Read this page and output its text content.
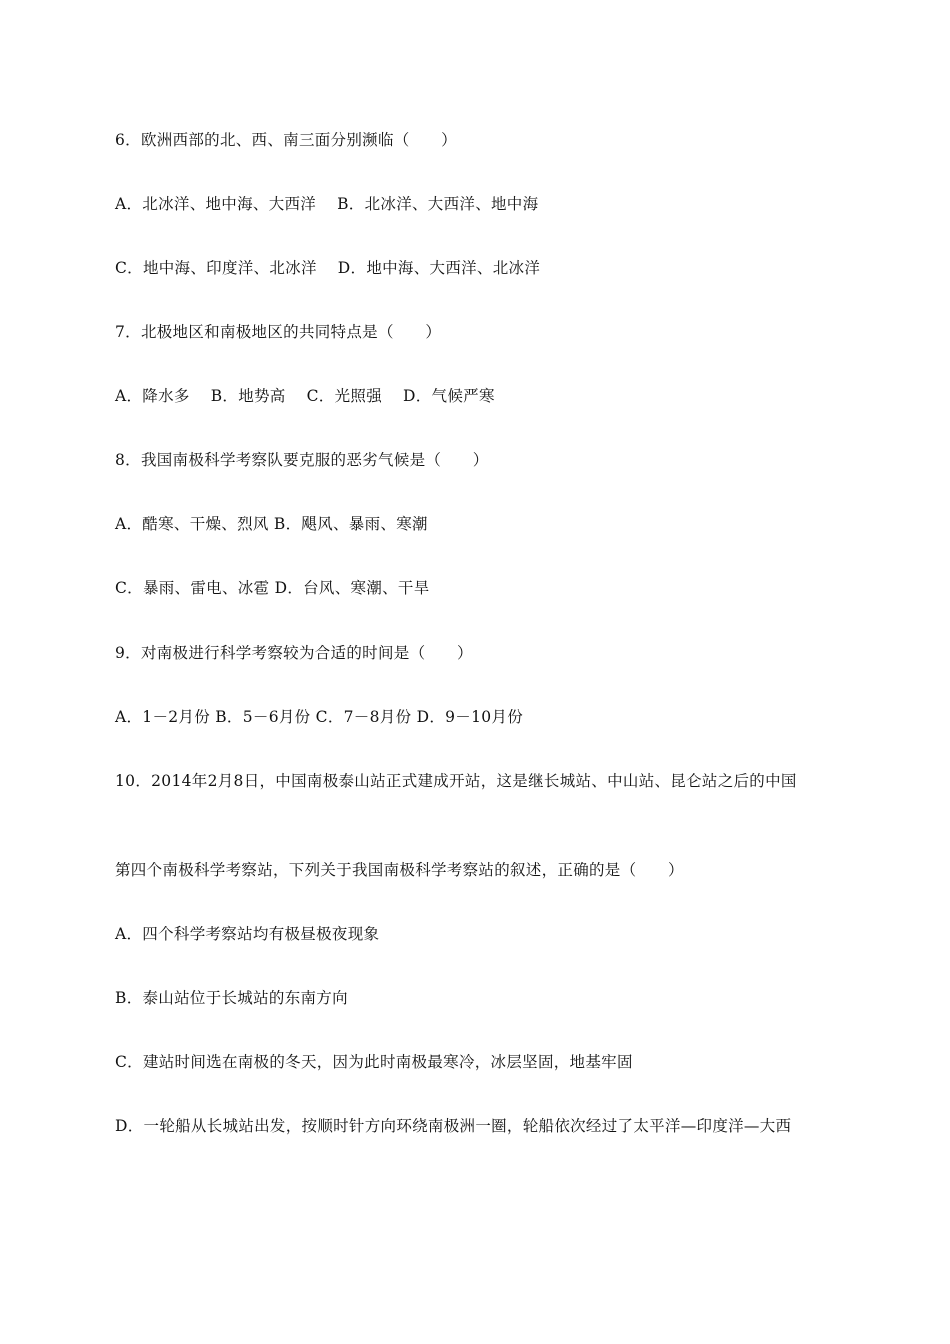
6．欧洲西部的北、西、南三面分别濒临（　　）
A．北冰洋、地中海、大西洋　 B．北冰洋、大西洋、地中海
C．地中海、印度洋、北冰洋　 D．地中海、大西洋、北冰洋
7．北极地区和南极地区的共同特点是（　　）
A．降水多　 B．地势高　 C．光照强　 D．气候严寒
8．我国南极科学考察队要克服的恶劣气候是（　　）
A．酷寒、干燥、烈风 B．飓风、暴雨、寒潮
C．暴雨、雷电、冰雹 D．台风、寒潮、干旱
9．对南极进行科学考察较为合适的时间是（　　）
A．1－2月份 B．5－6月份 C．7－8月份 D．9－10月份
10．2014年2月8日，中国南极泰山站正式建成开站，这是继长城站、中山站、昆仑站之后的中国
第四个南极科学考察站，下列关于我国南极科学考察站的叙述，正确的是（　　）
A．四个科学考察站均有极昼极夜现象
B．泰山站位于长城站的东南方向
C．建站时间选在南极的冬天，因为此时南极最寒冷，冰层坚固，地基牢固
D．一轮船从长城站出发，按顺时针方向环绕南极洲一圈，轮船依次经过了太平洋—印度洋—大西
